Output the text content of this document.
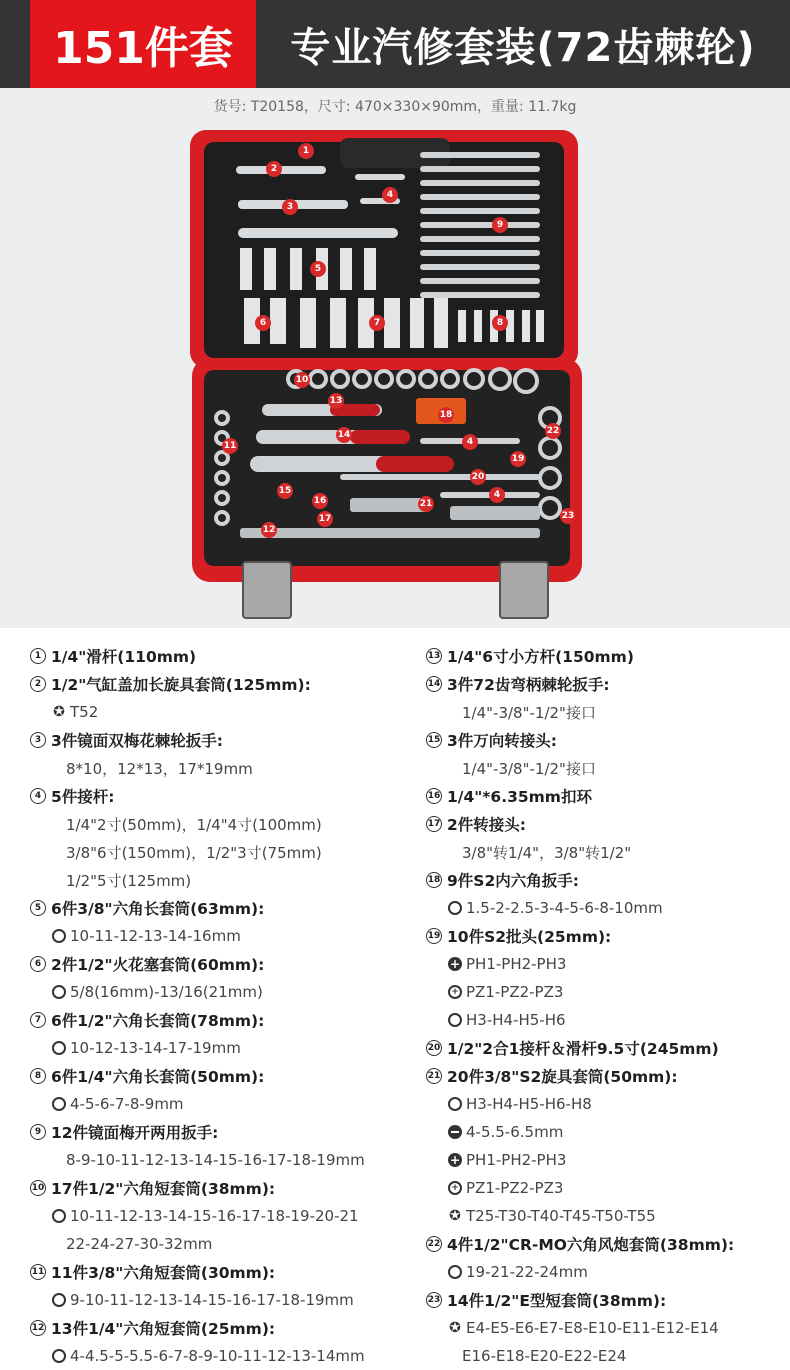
151件套	专业汽修套装(72齿棘轮)
货号: T20158，尺寸: 470×330×90mm，重量: 11.7kg
1
2
3
4
5
6	7	8
9
10
13
14
18
4
22
19
20
11
15
16
17
21
4
12
23
1 1/4"滑杆(110mm)
2 1/2"气缸盖加长旋具套筒(125mm):
✪ T52
3 3件镜面双梅花棘轮扳手:
8*10，12*13，17*19mm
4 5件接杆:
1/4"2寸(50mm)，1/4"4寸(100mm)
3/8"6寸(150mm)，1/2"3寸(75mm)
1/2"5寸(125mm)
5 6件3/8"六角长套筒(63mm):
10-11-12-13-14-16mm
6 2件1/2"火花塞套筒(60mm):
5/8(16mm)-13/16(21mm)
7 6件1/2"六角长套筒(78mm):
10-12-13-14-17-19mm
8 6件1/4"六角长套筒(50mm):
4-5-6-7-8-9mm
9 12件镜面梅开两用扳手:
8-9-10-11-12-13-14-15-16-17-18-19mm
10 17件1/2"六角短套筒(38mm):
10-11-12-13-14-15-16-17-18-19-20-21
22-24-27-30-32mm
11 11件3/8"六角短套筒(30mm):
9-10-11-12-13-14-15-16-17-18-19mm
12 13件1/4"六角短套筒(25mm):
4-4.5-5-5.5-6-7-8-9-10-11-12-13-14mm
13 1/4"6寸小方杆(150mm)
14 3件72齿弯柄棘轮扳手:
1/4"-3/8"-1/2"接口
15 3件万向转接头:
1/4"-3/8"-1/2"接口
16 1/4"*6.35mm扣环
17 2件转接头:
3/8"转1/4"，3/8"转1/2"
18 9件S2内六角扳手:
1.5-2-2.5-3-4-5-6-8-10mm
19 10件S2批头(25mm):
+ PH1-PH2-PH3
+ PZ1-PZ2-PZ3
H3-H4-H5-H6
20 1/2"2合1接杆＆滑杆9.5寸(245mm)
21 20件3/8"S2旋具套筒(50mm):
H3-H4-H5-H6-H8
4-5.5-6.5mm
+ PH1-PH2-PH3
+ PZ1-PZ2-PZ3
✪ T25-T30-T40-T45-T50-T55
22 4件1/2"CR-MO六角风炮套筒(38mm):
19-21-22-24mm
23 14件1/2"E型短套筒(38mm):
✪ E4-E5-E6-E7-E8-E10-E11-E12-E14
E16-E18-E20-E22-E24
